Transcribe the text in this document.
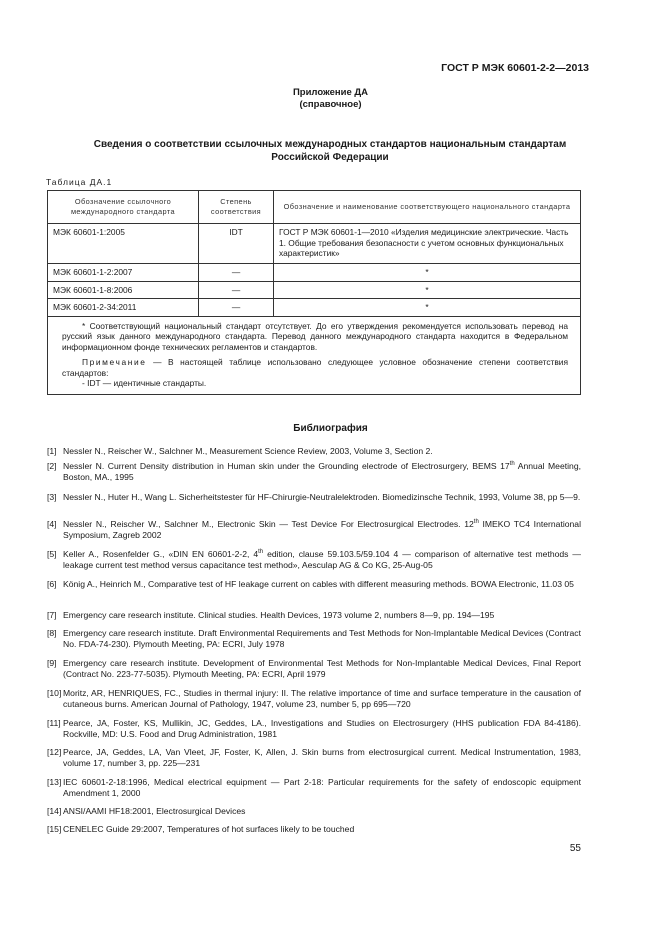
ГОСТ Р МЭК 60601-2-2—2013
Приложение ДА
(справочное)
Сведения о соответствии ссылочных международных стандартов национальным стандартам
Российской Федерации
Таблица ДА.1
Обозначение ссылочного международного стандарта	Степень соответствия	Обозначение и наименование соответствующего национального стандарта
МЭК 60601-1:2005	IDT	ГОСТ Р МЭК 60601-1—2010 «Изделия медицинские электрические. Часть 1. Общие требования безопасности с учетом основных функциональных характеристик»
МЭК 60601-1-2:2007	—	*
МЭК 60601-1-8:2006	—	*
МЭК 60601-2-34:2011	—	*

* Соответствующий национальный стандарт отсутствует. До его утверждения рекомендуется использовать перевод на русский язык данного международного стандарта. Перевод данного международного стандарта находится в Федеральном информационном фонде технических регламентов и стандартов.

Примечание — В настоящей таблице использовано следующее условное обозначение степени соответствия стандартов:

- IDT — идентичные стандарты.		

Библиография
[1] Nessler N., Reischer W., Salchner M., Measurement Science Review, 2003, Volume 3, Section 2.
[2] Nessler N. Current Density distribution in Human skin under the Grounding electrode of Electrosurgery, BEMS 17th Annual Meeting, Boston, MA., 1995
[3] Nessler N., Huter H., Wang L. Sicherheitstester für HF-Chirurgie-Neutralelektroden. Biomedizinsche Technik, 1993, Volume 38, pp 5—9.
[4] Nessler N., Reischer W., Salchner M., Electronic Skin — Test Device For Electrosurgical Electrodes. 12th IMEKO TC4 International Symposium, Zagreb 2002
[5] Keller A., Rosenfelder G., «DIN EN 60601-2-2, 4th edition, clause 59.103.5/59.104 4 — comparison of alternative test methods — leakage current test method versus capacitance test method», Aesculap AG & Co KG, 25-Aug-05
[6] König A., Heinrich M., Comparative test of HF leakage current on cables with different measuring methods. BOWA Electronic, 11.03 05
[7] Emergency care research institute. Clinical studies. Health Devices, 1973 volume 2, numbers 8—9, pp. 194—195
[8] Emergency care research institute. Draft Environmental Requirements and Test Methods for Non-Implantable Medical Devices (Contract No. FDA-74-230). Plymouth Meeting, PA: ECRI, July 1978
[9] Emergency care research institute. Development of Environmental Test Methods for Non-Implantable Medical Devices, Final Report (Contract No. 223-77-5035). Plymouth Meeting, PA: ECRI, April 1979
[10] Moritz, AR, HENRIQUES, FC., Studies in thermal injury: II. The relative importance of time and surface temperature in the causation of cutaneous burns. American Journal of Pathology, 1947, volume 23, number 5, pp 695—720
[11] Pearce, JA, Foster, KS, Mullikin, JC, Geddes, LA., Investigations and Studies on Electrosurgery (HHS publication FDA 84-4186). Rockville, MD: U.S. Food and Drug Administration, 1981
[12] Pearce, JA, Geddes, LA, Van Vleet, JF, Foster, K, Allen, J. Skin burns from electrosurgical current. Medical Instrumentation, 1983, volume 17, number 3, pp. 225—231
[13] IEC 60601-2-18:1996, Medical electrical equipment — Part 2-18: Particular requirements for the safety of endoscopic equipment Amendment 1, 2000
[14] ANSI/AAMI HF18:2001, Electrosurgical Devices
[15] CENELEC Guide 29:2007, Temperatures of hot surfaces likely to be touched
55
